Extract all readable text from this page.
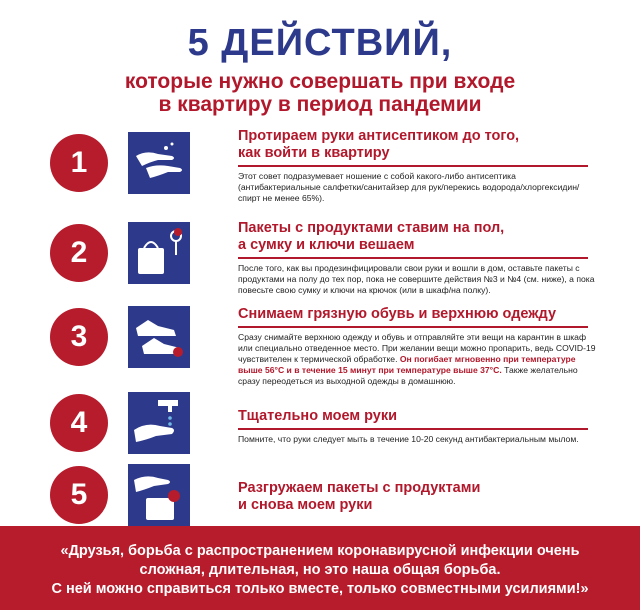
5 ДЕЙСТВИЙ,
которые нужно совершать при входе
в квартиру в период пандемии
1
Протираем руки антисептиком до того,
как войти в квартиру
Этот совет подразумевает ношение с собой какого-либо антисептика (антибактериальные салфетки/санитайзер для рук/перекись водорода/хлоргексидин/спирт не менее 65%).
2
Пакеты с продуктами ставим на пол,
а сумку и ключи вешаем
После того, как вы продезинфицировали свои руки и вошли в дом, оставьте пакеты с продуктами на полу до тех пор, пока не совершите действия №3 и №4 (см. ниже), а пока повесьте свою сумку и ключи на крючок (или в шкаф/на полку).
3
Снимаем грязную обувь и верхнюю одежду
Сразу снимайте верхнюю одежду и обувь и отправляйте эти вещи на карантин в шкаф или специально отведенное место. При желании вещи можно пропарить, ведь COVID-19 чувствителен к термической обработке. Он погибает мгновенно при температуре выше 56°С и в течение 15 минут при температуре выше 37°С. Также желательно сразу переодеться из выходной одежды в домашнюю.
4	Тщательно моем руки
Помните, что руки следует мыть в течение 10-20 секунд антибактериальным мылом.
5	Разгружаем пакеты с продуктами
и снова моем руки
«Друзья, борьба с распространением коронавирусной инфекции очень
сложная, длительная, но это наша общая борьба.
С ней можно справиться только вместе, только совместными усилиями!»
